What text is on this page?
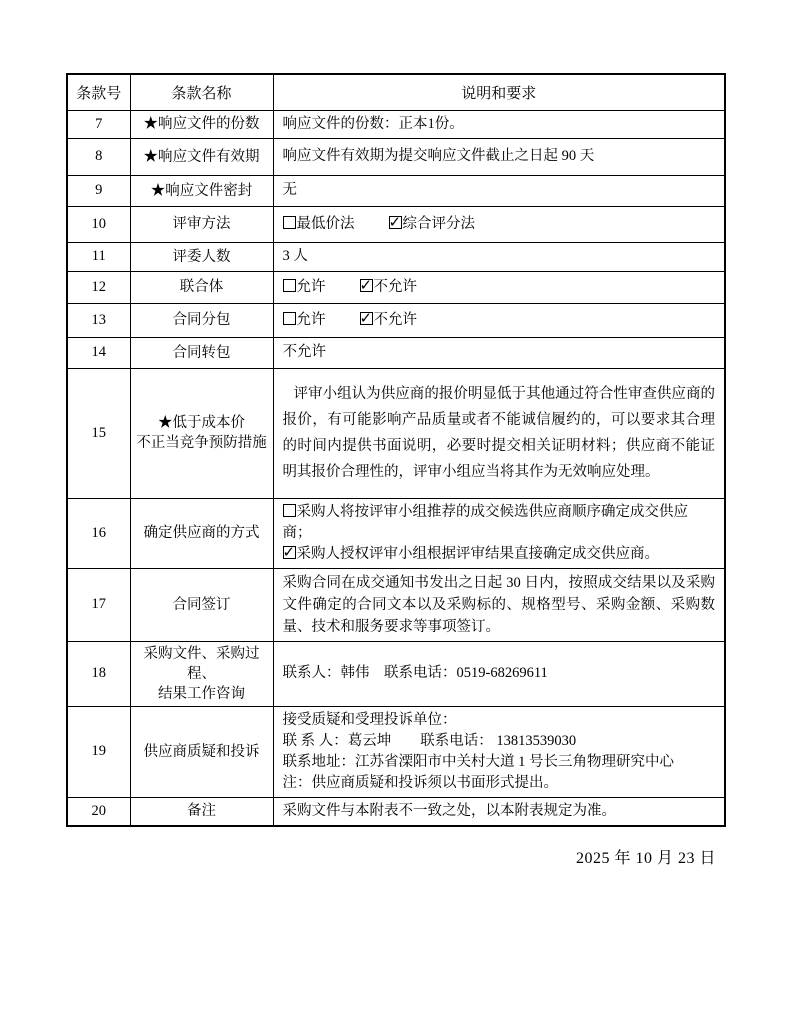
条款号	条款名称	说明和要求
7	★响应文件的份数	响应文件的份数：正本1份。

8	★响应文件有效期	响应文件有效期为提交响应文件截止之日起 90 天

9	★响应文件密封	无

10	评审方法	最低价法 ✓ 综合评分法

11	评委人数	3 人

12	联合体	允许 ✓ 不允许

13	合同分包	允许 ✓ 不允许

14	合同转包	不允许

15	★低于成本价
不正当竞争预防措施	评审小组认为供应商的报价明显低于其他通过符合性审查供应商的报价，有可能影响产品质量或者不能诚信履约的，可以要求其合理的时间内提供书面说明，必要时提交相关证明材料；供应商不能证明其报价合理性的，评审小组应当将其作为无效响应处理。

16	确定供应商的方式	采购人将按评审小组推荐的成交候选供应商顺序确定成交供应商；
✓采购人授权评审小组根据评审结果直接确定成交供应商。

17	合同签订	采购合同在成交通知书发出之日起 30 日内，按照成交结果以及采购文件确定的合同文本以及采购标的、规格型号、采购金额、采购数量、技术和服务要求等事项签订。

18	采购文件、采购过程、
结果工作咨询	联系人：韩伟　联系电话：0519-68269611

19	供应商质疑和投诉	接受质疑和受理投诉单位：
联 系 人：葛云坤　　联系电话： 13813539030
联系地址：江苏省溧阳市中关村大道 1 号长三角物理研究中心
注：供应商质疑和投诉须以书面形式提出。

20	备注	采购文件与本附表不一致之处，以本附表规定为准。
2025 年 10 月 23 日
